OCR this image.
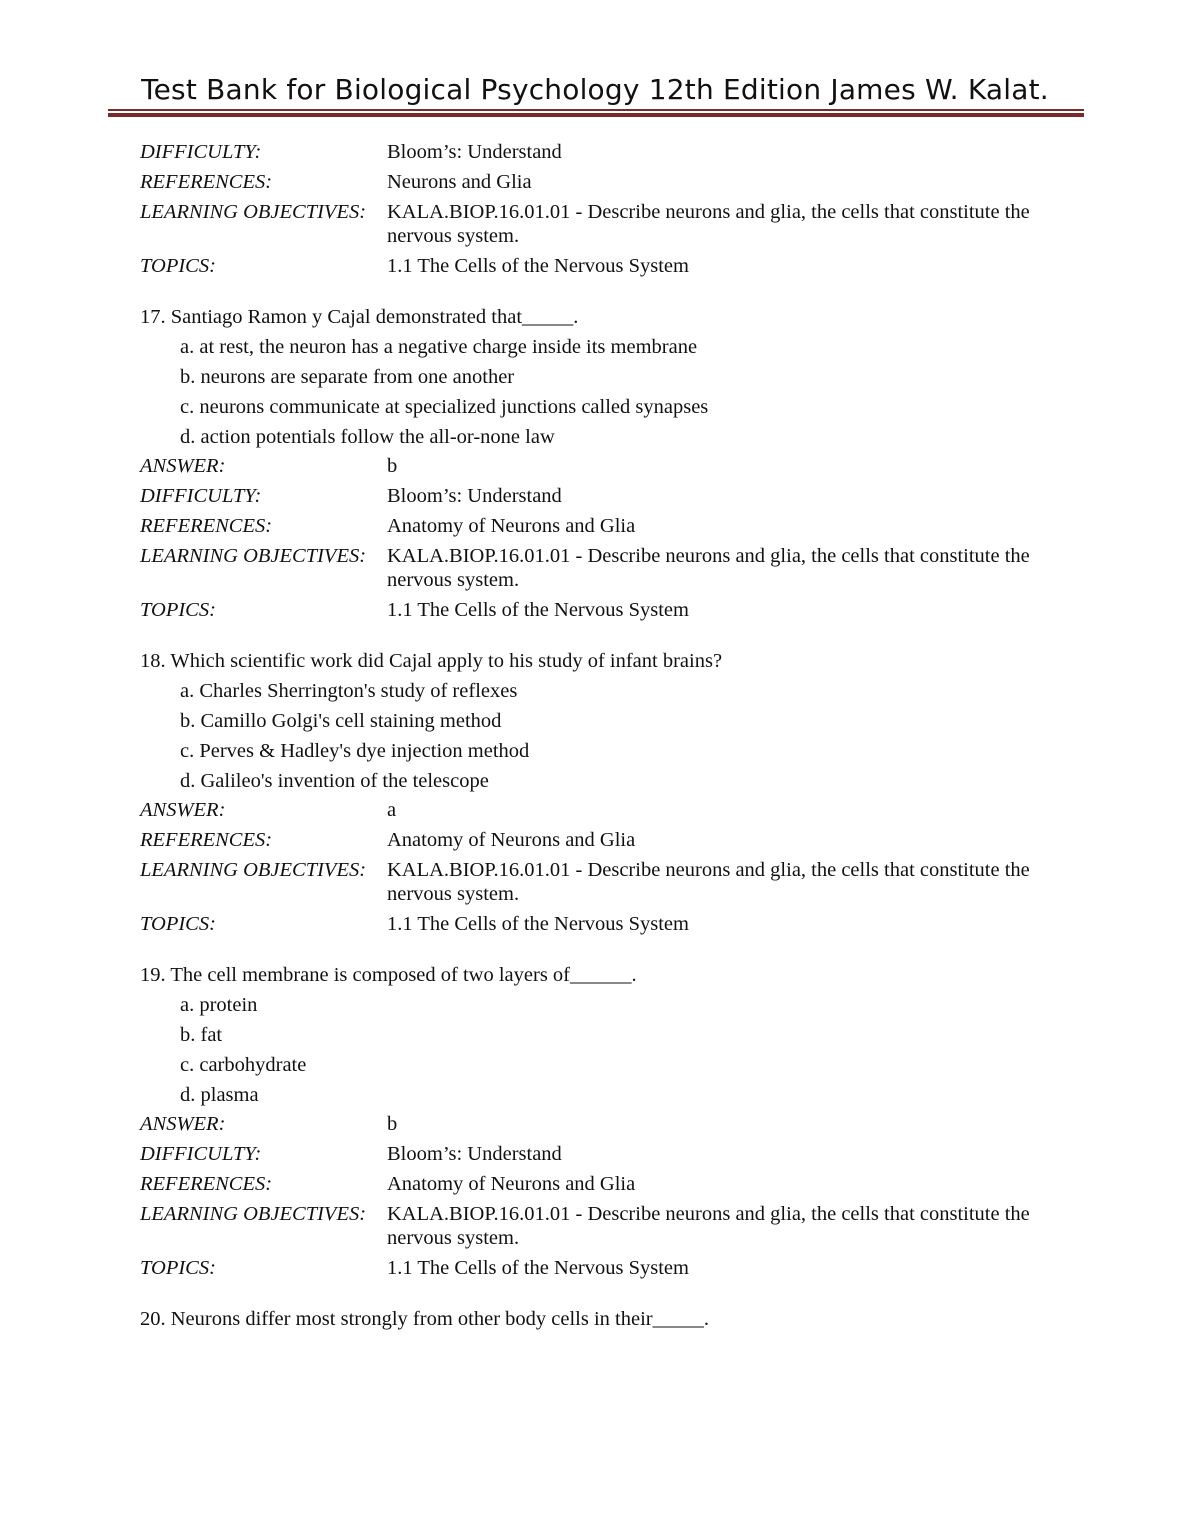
Test Bank for Biological Psychology 12th Edition James W. Kalat.
DIFFICULTY:	Bloom’s: Understand
REFERENCES:	Neurons and Glia
LEARNING OBJECTIVES:	KALA.BIOP.16.01.01 - Describe neurons and glia, the cells that constitute the nervous system.
TOPICS:	1.1 The Cells of the Nervous System
17. Santiago Ramon y Cajal demonstrated that_____.
a. at rest, the neuron has a negative charge inside its membrane
b. neurons are separate from one another
c. neurons communicate at specialized junctions called synapses
d. action potentials follow the all-or-none law
ANSWER:	b
DIFFICULTY:	Bloom’s: Understand
REFERENCES:	Anatomy of Neurons and Glia
LEARNING OBJECTIVES:	KALA.BIOP.16.01.01 - Describe neurons and glia, the cells that constitute the nervous system.
TOPICS:	1.1 The Cells of the Nervous System
18. Which scientific work did Cajal apply to his study of infant brains?
a. Charles Sherrington's study of reflexes
b. Camillo Golgi's cell staining method
c. Perves & Hadley's dye injection method
d. Galileo's invention of the telescope
ANSWER:	a
REFERENCES:	Anatomy of Neurons and Glia
LEARNING OBJECTIVES:	KALA.BIOP.16.01.01 - Describe neurons and glia, the cells that constitute the nervous system.
TOPICS:	1.1 The Cells of the Nervous System
19. The cell membrane is composed of two layers of______.
a. protein
b. fat
c. carbohydrate
d. plasma
ANSWER:	b
DIFFICULTY:	Bloom’s: Understand
REFERENCES:	Anatomy of Neurons and Glia
LEARNING OBJECTIVES:	KALA.BIOP.16.01.01 - Describe neurons and glia, the cells that constitute the nervous system.
TOPICS:	1.1 The Cells of the Nervous System
20. Neurons differ most strongly from other body cells in their_____.
